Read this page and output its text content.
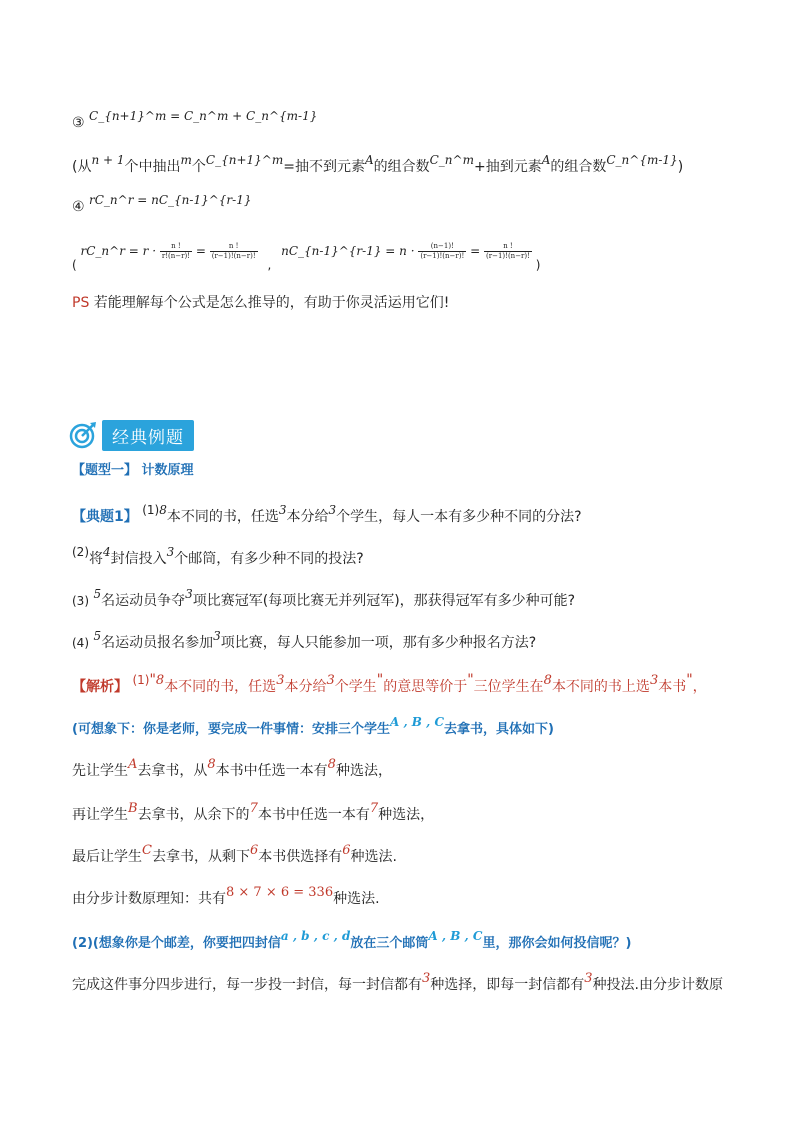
③ C_{n+1}^m = C_n^m + C_n^{m-1}
(从n + 1个中抽出m个C_{n+1}^m=抽不到元素A的组合数C_n^m+抽到元素A的组合数C_n^{m-1})
④ rC_n^r = nC_{n-1}^{r-1}
( rC_n^r = $r \cdot \frac{n !}{r!(n-r)!} = \frac{n !}{(r-1)!(n-r)!}$
, nC_{n-1}^{r-1} = $n \cdot \frac{(n-1)!}{(r-1)!(n-r)!} = \frac{n !}{(r-1)!(n-r)!}$
)
PS 若能理解每个公式是怎么推导的，有助于你灵活运用它们!
经典例题
【题型一】 计数原理
【典题1】 (1)8本不同的书，任选3本分给3个学生，每人一本有多少种不同的分法?
(2)将4封信投入3个邮筒，有多少种不同的投法?
(3) 5名运动员争夺3项比赛冠军(每项比赛无并列冠军)，那获得冠军有多少种可能?
(4) 5名运动员报名参加3项比赛，每人只能参加一项，那有多少种报名方法?
【解析】 (1)"8本不同的书，任选3本分给3个学生"的意思等价于"三位学生在8本不同的书上选3本书"，
(可想象下：你是老师，要完成一件事情：安排三个学生A , B , C去拿书，具体如下)
先让学生A去拿书，从8本书中任选一本有8种选法，
再让学生B去拿书，从余下的7本书中任选一本有7种选法，
最后让学生C去拿书，从剩下6本书供选择有6种选法.
由分步计数原理知：共有8 × 7 × 6 = 336种选法.
(2)(想象你是个邮差，你要把四封信a , b , c , d放在三个邮筒A , B , C里，那你会如何投信呢？)
完成这件事分四步进行，每一步投一封信，每一封信都有3种选择，即每一封信都有3种投法.由分步计数原
